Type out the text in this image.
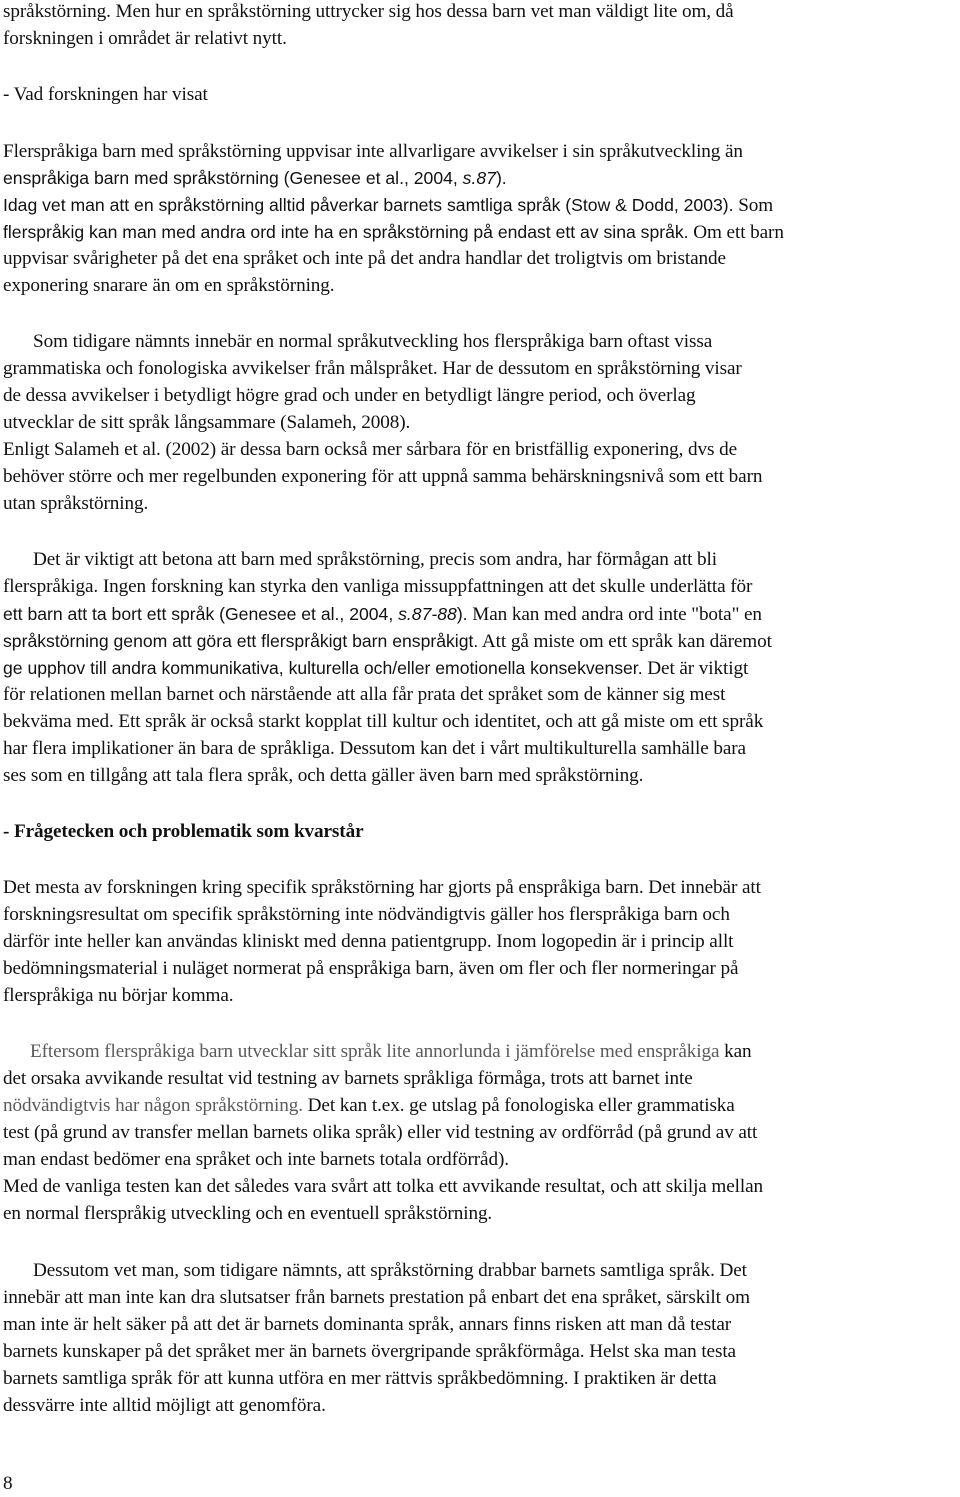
språkstörning. Men hur en språkstörning uttrycker sig hos dessa barn vet man väldigt lite om, då
forskningen i området är relativt nytt.
- Vad forskningen har visat
Flerspråkiga barn med språkstörning uppvisar inte allvarligare avvikelser i sin språkutveckling än
enspråkiga barn med språkstörning (Genesee et al., 2004, s.87).
Idag vet man att en språkstörning alltid påverkar barnets samtliga språk (Stow & Dodd, 2003). Som
flerspråkig kan man med andra ord inte ha en språkstörning på endast ett av sina språk. Om ett barn
uppvisar svårigheter på det ena språket och inte på det andra handlar det troligtvis om bristande
exponering snarare än om en språkstörning.
Som tidigare nämnts innebär en normal språkutveckling hos flerspråkiga barn oftast vissa
grammatiska och fonologiska avvikelser från målspråket. Har de dessutom en språkstörning visar
de dessa avvikelser i betydligt högre grad och under en betydligt längre period, och överlag
utvecklar de sitt språk långsammare (Salameh, 2008).
Enligt Salameh et al. (2002) är dessa barn också mer sårbara för en bristfällig exponering, dvs de
behöver större och mer regelbunden exponering för att uppnå samma behärskningsnivå som ett barn
utan språkstörning.
Det är viktigt att betona att barn med språkstörning, precis som andra, har förmågan att bli
flerspråkiga. Ingen forskning kan styrka den vanliga missuppfattningen att det skulle underlätta för
ett barn att ta bort ett språk (Genesee et al., 2004, s.87-88). Man kan med andra ord inte "bota" en
språkstörning genom att göra ett flerspråkigt barn enspråkigt. Att gå miste om ett språk kan däremot
ge upphov till andra kommunikativa, kulturella och/eller emotionella konsekvenser. Det är viktigt
för relationen mellan barnet och närstående att alla får prata det språket som de känner sig mest
bekväma med. Ett språk är också starkt kopplat till kultur och identitet, och att gå miste om ett språk
har flera implikationer än bara de språkliga. Dessutom kan det i vårt multikulturella samhälle bara
ses som en tillgång att tala flera språk, och detta gäller även barn med språkstörning.
- Frågetecken och problematik som kvarstår
Det mesta av forskningen kring specifik språkstörning har gjorts på enspråkiga barn. Det innebär att
forskningsresultat om specifik språkstörning inte nödvändigtvis gäller hos flerspråkiga barn och
därför inte heller kan användas kliniskt med denna patientgrupp. Inom logopedin är i princip allt
bedömningsmaterial i nuläget normerat på enspråkiga barn, även om fler och fler normeringar på
flerspråkiga nu börjar komma.
Eftersom flerspråkiga barn utvecklar sitt språk lite annorlunda i jämförelse med enspråkiga kan
det orsaka avvikande resultat vid testning av barnets språkliga förmåga, trots att barnet inte
nödvändigtvis har någon språkstörning. Det kan t.ex. ge utslag på fonologiska eller grammatiska
test (på grund av transfer mellan barnets olika språk) eller vid testning av ordförråd (på grund av att
man endast bedömer ena språket och inte barnets totala ordförråd).
Med de vanliga testen kan det således vara svårt att tolka ett avvikande resultat, och att skilja mellan
en normal flerspråkig utveckling och en eventuell språkstörning.
Dessutom vet man, som tidigare nämnts, att språkstörning drabbar barnets samtliga språk. Det
innebär att man inte kan dra slutsatser från barnets prestation på enbart det ena språket, särskilt om
man inte är helt säker på att det är barnets dominanta språk, annars finns risken att man då testar
barnets kunskaper på det språket mer än barnets övergripande språkförmåga. Helst ska man testa
barnets samtliga språk för att kunna utföra en mer rättvis språkbedömning. I praktiken är detta
dessvärre inte alltid möjligt att genomföra.
8
